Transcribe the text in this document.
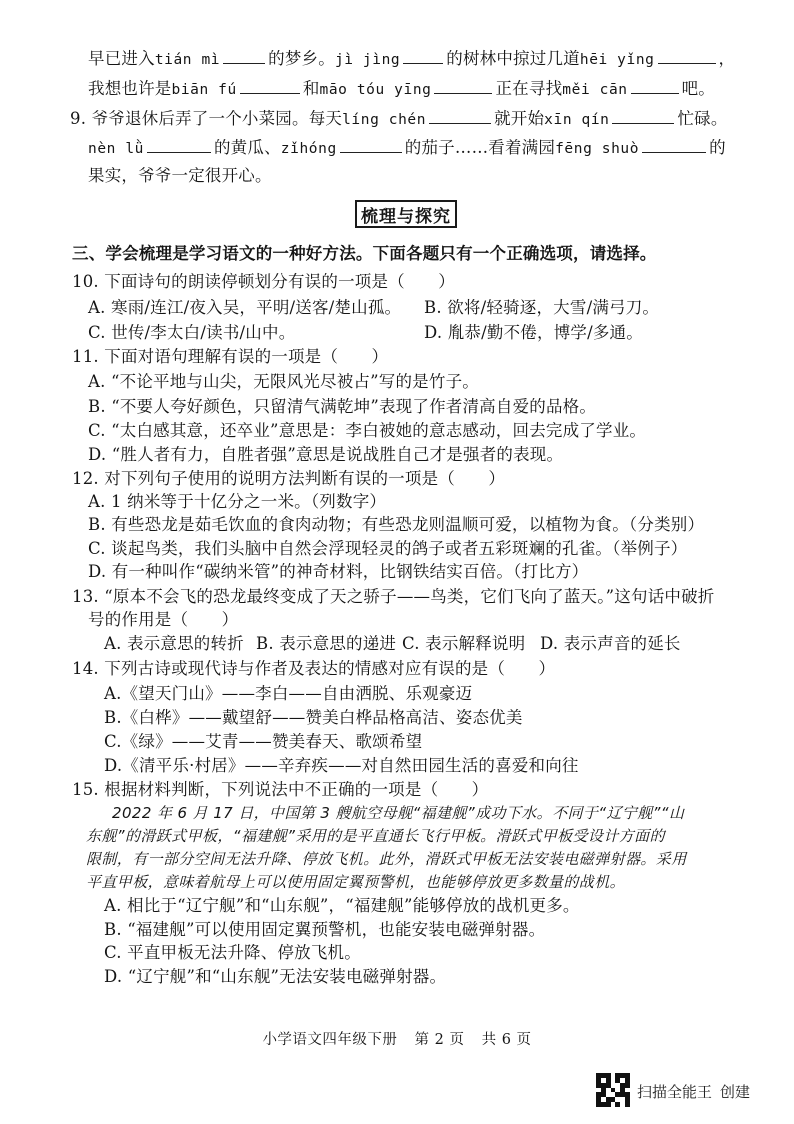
早已进入tián mì	的梦乡。jì jìng	的树林中掠过几道hēi yǐng	，
我想也许是biān fú	和māo tóu yīng	正在寻找měi cān	吧。
9. 爷爷退休后弄了一个小菜园。每天líng chén	就开始xīn qín	忙碌。
nèn lǜ	的黄瓜、zǐhóng	的茄子……看着满园fēng shuò	的
果实，爷爷一定很开心。
梳理与探究
三、学会梳理是学习语文的一种好方法。下面各题只有一个正确选项，请选择。
10. 下面诗句的朗读停顿划分有误的一项是（　　）
A. 寒雨/连江/夜入吴，平明/送客/楚山孤。 B. 欲将/轻骑逐，大雪/满弓刀。
C. 世传/李太白/读书/山中。	D. 胤恭/勤不倦，博学/多通。
11. 下面对语句理解有误的一项是（　　）
A. “不论平地与山尖，无限风光尽被占”写的是竹子。
B. “不要人夸好颜色，只留清气满乾坤”表现了作者清高自爱的品格。
C. “太白感其意，还卒业”意思是：李白被她的意志感动，回去完成了学业。
D. “胜人者有力，自胜者强”意思是说战胜自己才是强者的表现。
12. 对下列句子使用的说明方法判断有误的一项是（　　）
A. 1 纳米等于十亿分之一米。（列数字）
B. 有些恐龙是茹毛饮血的食肉动物；有些恐龙则温顺可爱，以植物为食。（分类别）
C. 谈起鸟类，我们头脑中自然会浮现轻灵的鸽子或者五彩斑斓的孔雀。（举例子）
D. 有一种叫作“碳纳米管”的神奇材料，比钢铁结实百倍。（打比方）
13. “原本不会飞的恐龙最终变成了天之骄子——鸟类，它们飞向了蓝天。”这句话中破折
号的作用是（　　）
A. 表示意思的转折 B. 表示意思的递进 C. 表示解释说明 D. 表示声音的延长
14. 下列古诗或现代诗与作者及表达的情感对应有误的是（　　）
A.《望天门山》——李白——自由洒脱、乐观豪迈
B.《白桦》——戴望舒——赞美白桦品格高洁、姿态优美
C.《绿》——艾青——赞美春天、歌颂希望
D.《清平乐·村居》——辛弃疾——对自然田园生活的喜爱和向往
15. 根据材料判断，下列说法中不正确的一项是（　　）
2022 年 6 月 17 日，中国第 3 艘航空母舰“福建舰”成功下水。不同于“辽宁舰”“山
东舰”的滑跃式甲板，“福建舰”采用的是平直通长飞行甲板。滑跃式甲板受设计方面的
限制，有一部分空间无法升降、停放飞机。此外，滑跃式甲板无法安装电磁弹射器。采用
平直甲板，意味着航母上可以使用固定翼预警机，也能够停放更多数量的战机。
A. 相比于“辽宁舰”和“山东舰”，“福建舰”能够停放的战机更多。
B. “福建舰”可以使用固定翼预警机，也能安装电磁弹射器。
C. 平直甲板无法升降、停放飞机。
D. “辽宁舰”和“山东舰”无法安装电磁弹射器。
小学语文四年级下册 第 2 页 共 6 页
扫描全能王 创建
